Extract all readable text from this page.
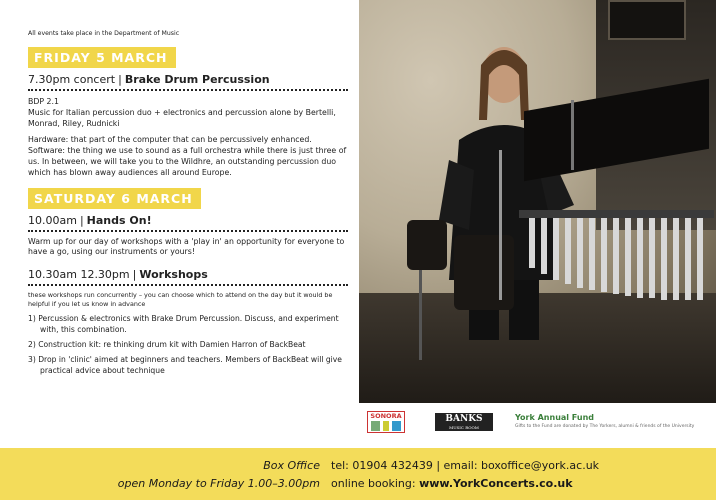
All events take place in the Department of Music
FRIDAY 5 MARCH
7.30pm concert | Brake Drum Percussion
BDP 2.1
Music for Italian percussion duo + electronics and percussion alone by Bertelli, Monrad, Riley, Rudnicki
Hardware: that part of the computer that can be percussively enhanced. Software: the thing we use to sound as a full orchestra while there is just three of us. In between, we will take you to the Wildhre, an outstanding percussion duo which has blown away audiences all around Europe.
SATURDAY 6 MARCH
10.00am | Hands On!
Warm up for our day of workshops with a 'play in' an opportunity for everyone to have a go, using our instruments or yours!
10.30am 12.30pm | Workshops
these workshops run concurrently – you can choose which to attend on the day but it would be helpful if you let us know in advance
1) Percussion & electronics with Brake Drum Percussion. Discuss, and experiment with, this combination.
2) Construction kit: re thinking drum kit with Damien Harron of BackBeat
3) Drop in 'clinic' aimed at beginners and teachers. Members of BackBeat will give practical advice about technique
SONORA	BANKS
MUSIC ROOM
York Annual Fund
Gifts to the Fund are donated by The Yorkers, alumni & friends of the University
Box Office tel: 01904 432439 | email: boxoffice@york.ac.uk
open Monday to Friday 1.00–3.00pm online booking: www.YorkConcerts.co.uk
